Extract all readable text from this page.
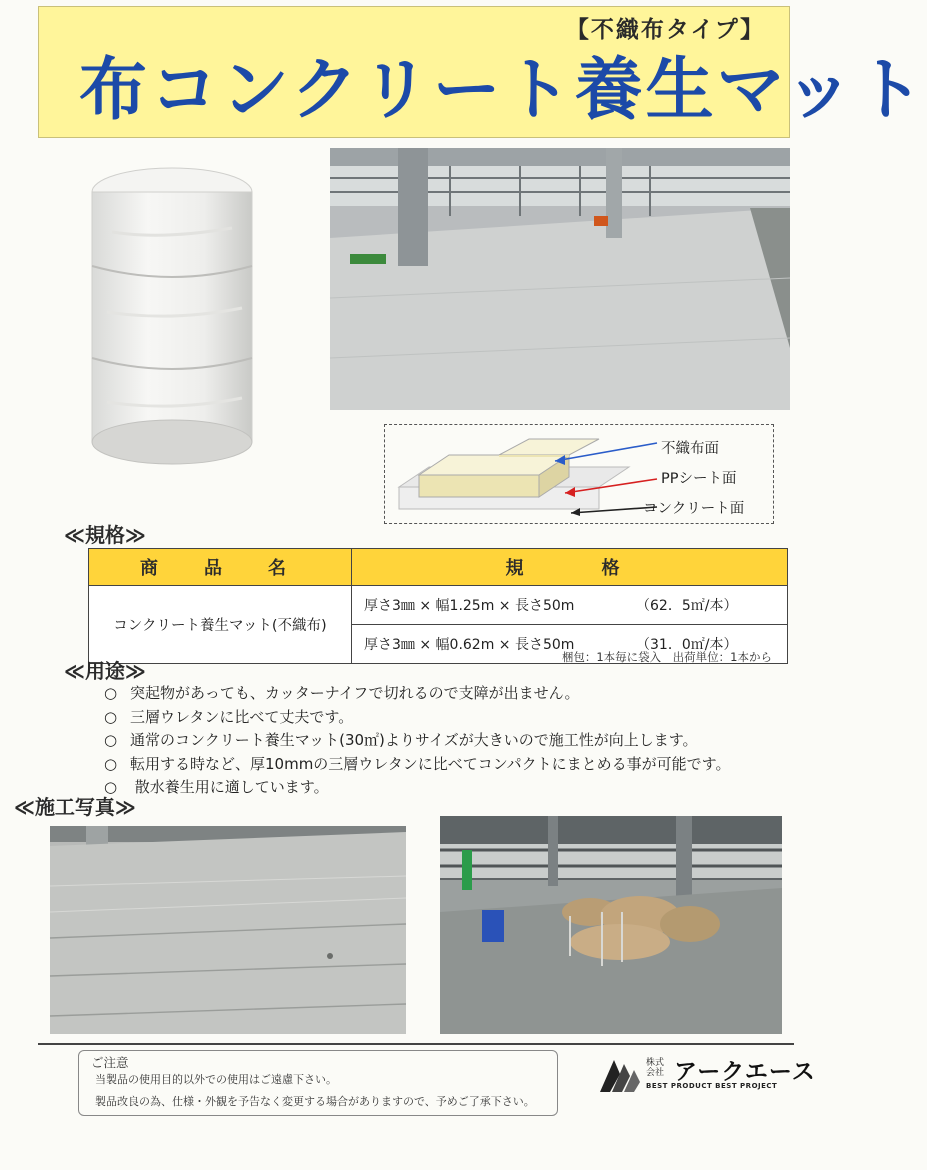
【不織布タイプ】
布コンクリート養生マット
不織布面
PPシート面
コンクリート面
≪規格≫
商　品　名	規　　格
コンクリート養生マット(不織布)	厚さ3㎜ × 幅1.25m × 長さ50m （62．5㎡/本）
	厚さ3㎜ × 幅0.62m × 長さ50m （31．0㎡/本）
梱包：1本毎に袋入　出荷単位：1本から
≪用途≫
○ 突起物があっても、カッターナイフで切れるので支障が出ません。
○ 三層ウレタンに比べて丈夫です。
○ 通常のコンクリート養生マット(30㎡)よりサイズが大きいので施工性が向上します。
○ 転用する時など、厚10mmの三層ウレタンに比べてコンパクトにまとめる事が可能です。
○ 散水養生用に適しています。
≪施工写真≫
ご注意
当製品の使用目的以外での使用はご遠慮下さい。
製品改良の為、仕様・外観を予告なく変更する場合がありますので、予めご了承下さい。
株式会社 アークエース
BEST PRODUCT BEST PROJECT
